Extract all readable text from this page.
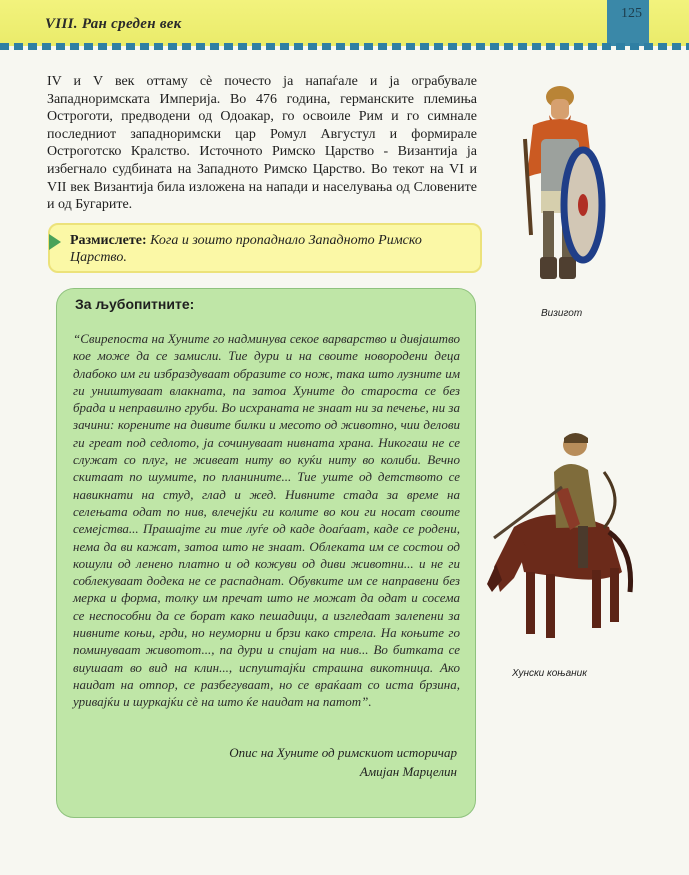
VIII. Ран среден век
125
IV и V век оттаму сè почесто ја напаѓале и ја ограбувале Западноримската Империја. Во 476 година, германските племиња Остроготи, предводени од Одоакар, го освоиле Рим и го симнале последниот западноримски цар Ромул Августул и формирале Остроготско Кралство. Источното Римско Царство - Византија ја избегнало судбината на Западното Римско Царство. Во текот на VI и VII век Византија била изложена на напади и населувања од Словените и од Бугарите.
Размислете: Кога и зошто пропаднало Западното Римско Царство.
За љубопитните:
“Свирепоста на Хуните го надминува секое варварство и дивјаштво кое може да се замисли. Тие дури и на своите новородени деца длабоко им ги избраздуваат образите со нож, така што лузните им ги уништуваат влакната, па затоа Хуните до староста се без брада и неправилно груби. Во исхраната не знаат ни за печење, ни за зачини: корените на дивите билки и месото од животно, чии делови ги греат под седлото, ја сочинуваат нивната храна. Никогаш не се служат со плуг, не живеат ниту во куќи ниту во колиби. Вечно скитаат по шумите, по планините... Тие уште од детството се навикнати на студ, глад и жед. Нивните стада за време на селењата одат по нив, влечејќи ги колите во кои ги носат своите семејства... Прашајте ги тие луѓе од каде доаѓаат, каде се родени, нема да ви кажат, затоа што не знаат. Облеката им се состои од кошули од ленено платно и од кожуви од диви животни... и не ги соблекуваат додека не се распаднат. Обувките им се направени без мерка и форма, толку им пречат што не можат да одат и сосема се неспособни да се борат како пешадици, а изгледаат залепени за нивните коњи, грди, но неуморни и брзи како стрела. На коњите го поминуваат животот..., па дури и спијат на нив... Во битката се виушаат во вид на клин..., испуштајќи страшна викотница. Ако наидат на отпор, се разбегуваат, но се враќаат со иста брзина, уривајќи и шуркајќи сè на што ќе наидат на патот”.
Опис на Хуните од римскиот историчар
Амијан Марцелин
Визигот
Хунски коњаник
